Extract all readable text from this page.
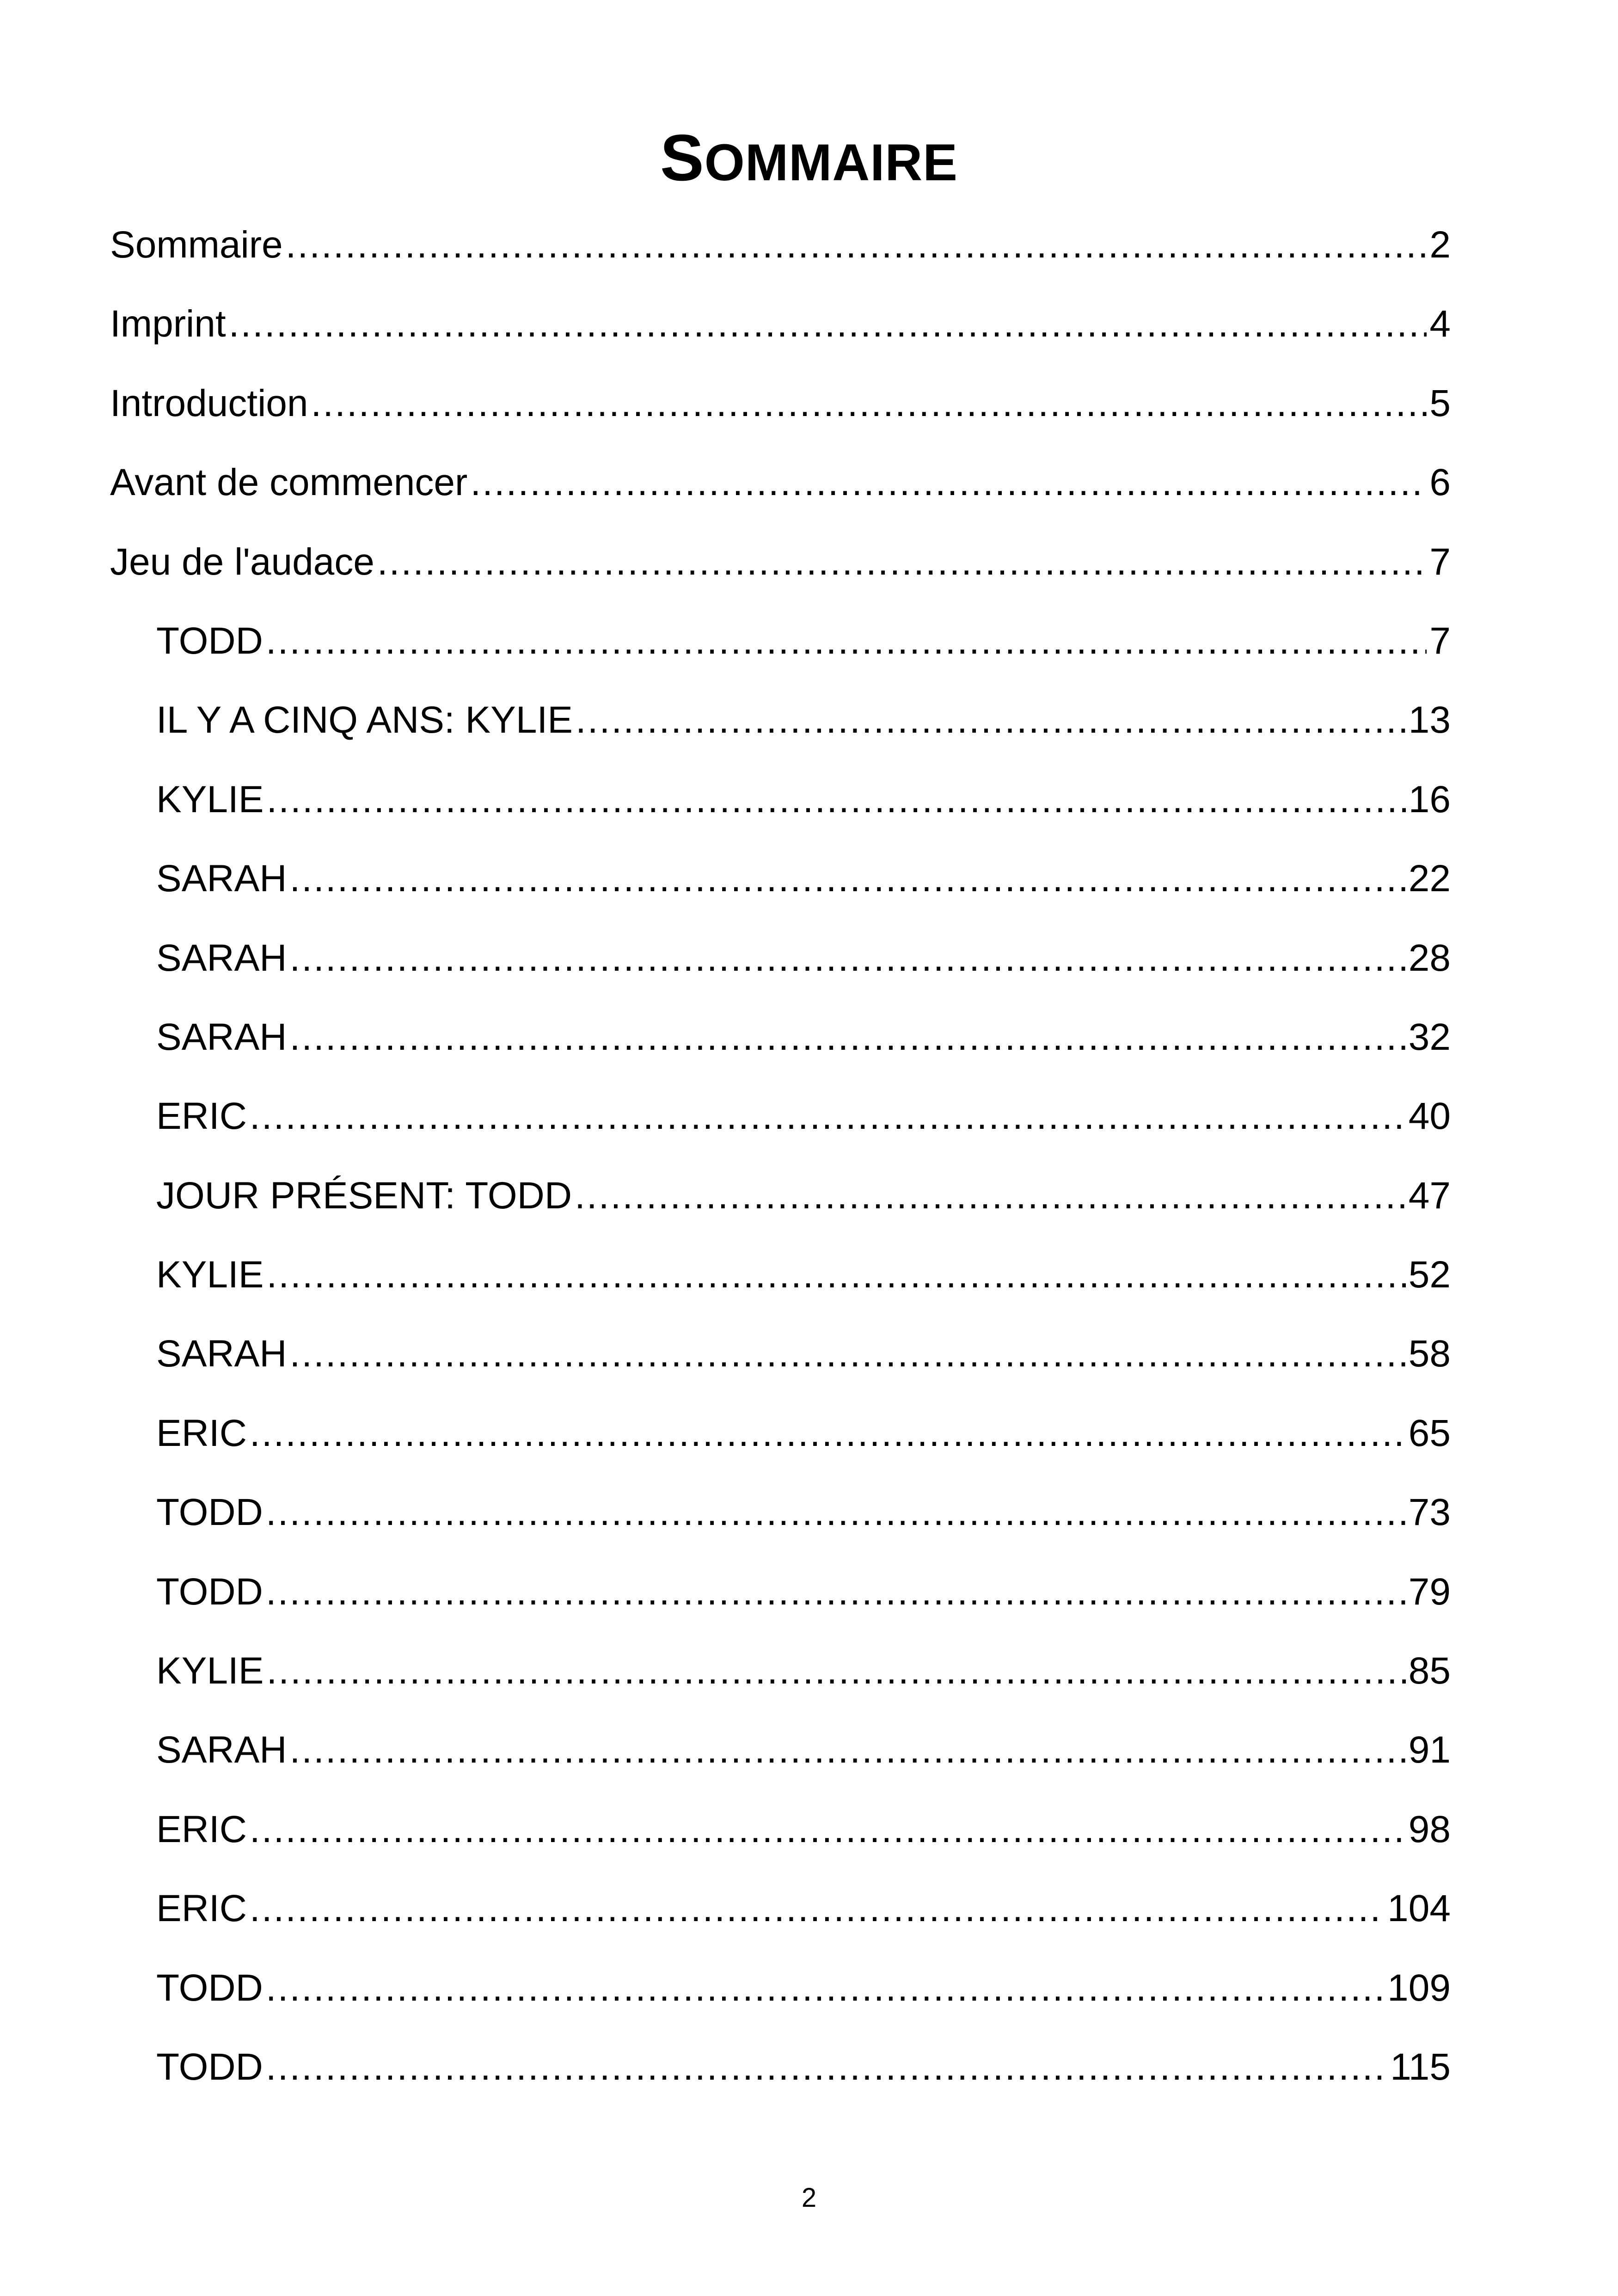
SOMMAIRE
Sommaire .....	2
Imprint .....	4
Introduction .....	5
Avant de commencer .....	6
Jeu de l'audace .....	7
TODD .....	7
IL Y A CINQ ANS: KYLIE .....	13
KYLIE .....	16
SARAH .....	22
SARAH .....	28
SARAH .....	32
ERIC .....	40
JOUR PRÉSENT: TODD .....	47
KYLIE .....	52
SARAH .....	58
ERIC .....	65
TODD .....	73
TODD .....	79
KYLIE .....	85
SARAH .....	91
ERIC .....	98
ERIC .....	104
TODD .....	109
TODD .....	115
2
